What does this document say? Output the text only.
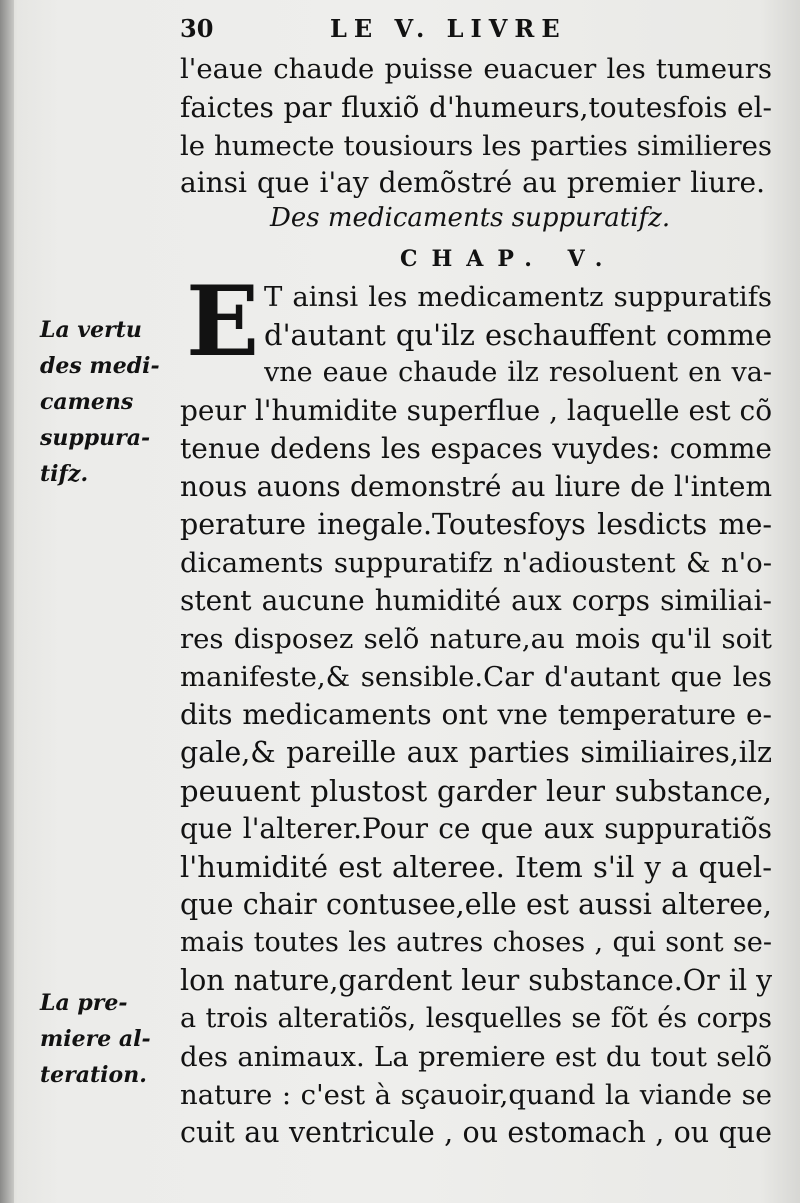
30	LE V. LIVRE
l'eaue chaude puisse euacuer les tumeurs
faictes par fluxiõ d'humeurs,toutesfois el-
le humecte tousiours les parties similieres
ainsi que i'ay demõstré au premier liure.
Des medicaments suppuratifz.
CHAP. V.
E T ainsi les medicamentz suppuratifs
d'autant qu'ilz eschauffent comme
vne eaue chaude ilz resoluent en va-
peur l'humidite superflue , laquelle est cõ
tenue dedens les espaces vuydes: comme
nous auons demonstré au liure de l'intem
perature inegale.Toutesfoys lesdicts me-
dicaments suppuratifz n'adioustent & n'o-
stent aucune humidité aux corps similiai-
res disposez selõ nature,au mois qu'il soit
manifeste,& sensible.Car d'autant que les
dits medicaments ont vne temperature e-
gale,& pareille aux parties similiaires,ilz
peuuent plustost garder leur substance,
que l'alterer.Pour ce que aux suppuratiõs
l'humidité est alteree. Item s'il y a quel-
que chair contusee,elle est aussi alteree,
mais toutes les autres choses , qui sont se-
lon nature,gardent leur substance.Or il y
a trois alteratiõs, lesquelles se fõt és corps
des animaux. La premiere est du tout selõ
nature : c'est à sçauoir,quand la viande se
cuit au ventricule , ou estomach , ou que
La vertu
des medi-
camens
suppura-
tifz.
La pre-
miere al-
teration.
